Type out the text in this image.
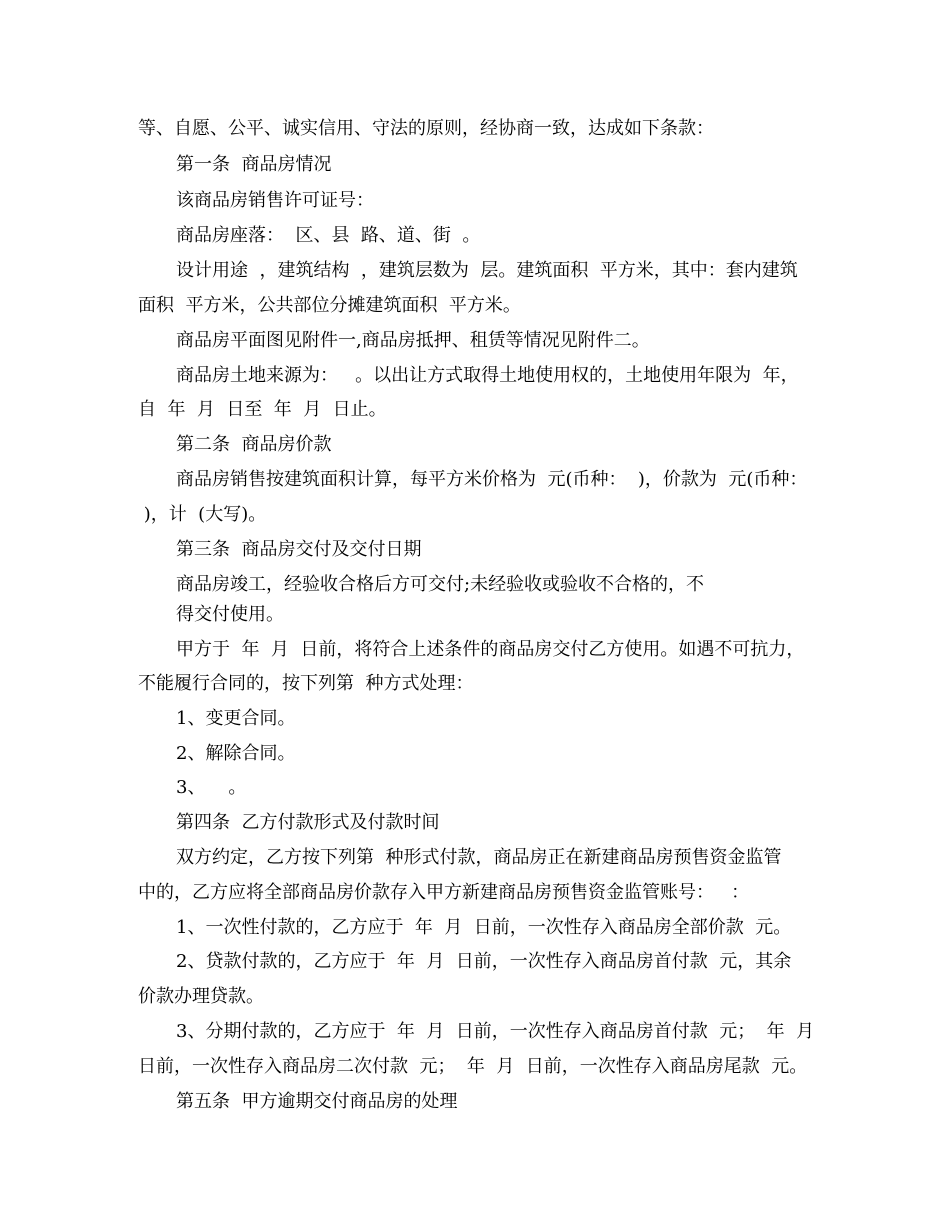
等、自愿、公平、诚实信用、守法的原则，经协商一致，达成如下条款：
第一条  商品房情况
该商品房销售许可证号：
商品房座落：  区、县  路、道、街  。
设计用途  ，建筑结构  ，建筑层数为  层。建筑面积  平方米，其中：套内建筑
面积  平方米，公共部位分摊建筑面积  平方米。
商品房平面图见附件一,商品房抵押、租赁等情况见附件二。
商品房土地来源为：   。以出让方式取得土地使用权的，土地使用年限为  年，
自  年  月  日至  年  月  日止。
第二条  商品房价款
商品房销售按建筑面积计算，每平方米价格为  元(币种：  )，价款为  元(币种：
)，计  (大写)。
第三条  商品房交付及交付日期
商品房竣工，经验收合格后方可交付;未经验收或验收不合格的，不
得交付使用。
甲方于  年  月  日前，将符合上述条件的商品房交付乙方使用。如遇不可抗力，
不能履行合同的，按下列第  种方式处理：
1、变更合同。
2、解除合同。
3、    。
第四条  乙方付款形式及付款时间
双方约定，乙方按下列第  种形式付款，商品房正在新建商品房预售资金监管
中的，乙方应将全部商品房价款存入甲方新建商品房预售资金监管账号：   ：
1、一次性付款的，乙方应于  年  月  日前，一次性存入商品房全部价款  元。
2、贷款付款的，乙方应于  年  月  日前，一次性存入商品房首付款  元，其余
价款办理贷款。
3、分期付款的，乙方应于  年  月  日前，一次性存入商品房首付款  元；  年  月
日前，一次性存入商品房二次付款  元；  年  月  日前，一次性存入商品房尾款  元。
第五条  甲方逾期交付商品房的处理
